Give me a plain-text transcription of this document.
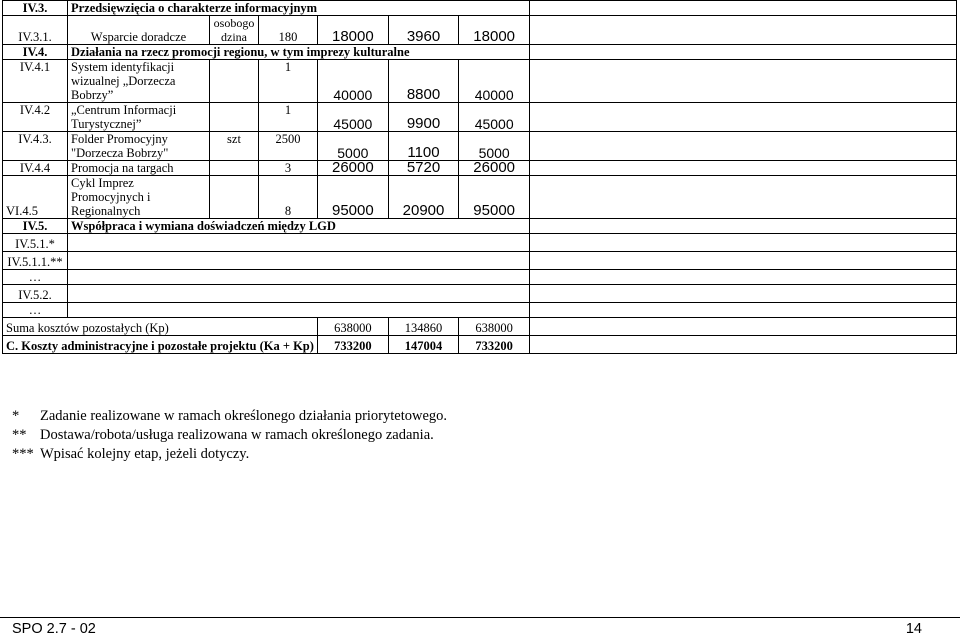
IV.3.	Przedsięwzięcia o charakterze informacyjnym						
IV.3.1.	Wsparcie doradcze	osobogodzina	180	18000	3960	18000	
IV.4.	Działania na rzecz promocji regionu, w tym imprezy kulturalne						
IV.4.1	System identyfikacji wizualnej „Dorzecza Bobrzy”		1	40000	8800	40000	
IV.4.2	„Centrum Informacji Turystycznej”		1	45000	9900	45000	
IV.4.3.	Folder Promocyjny "Dorzecza Bobrzy"	szt	2500	5000	1100	5000	
IV.4.4	Promocja na targach		3	26000	5720	26000	
VI.4.5	Cykl Imprez Promocyjnych i Regionalnych		8	95000	20900	95000	
IV.5.	Współpraca i wymiana doświadczeń między LGD						
IV.5.1.*							
IV.5.1.1.**							
…							
IV.5.2.							
…							
Suma kosztów pozostałych (Kp)				638000	134860	638000	
C. Koszty administracyjne i pozostałe projektu (Ka + Kp)				733200	147004	733200	
* Zadanie realizowane w ramach określonego działania priorytetowego.
** Dostawa/robota/usługa realizowana w ramach określonego zadania.
*** Wpisać kolejny etap, jeżeli dotyczy.
SPO 2.7 - 02	14
